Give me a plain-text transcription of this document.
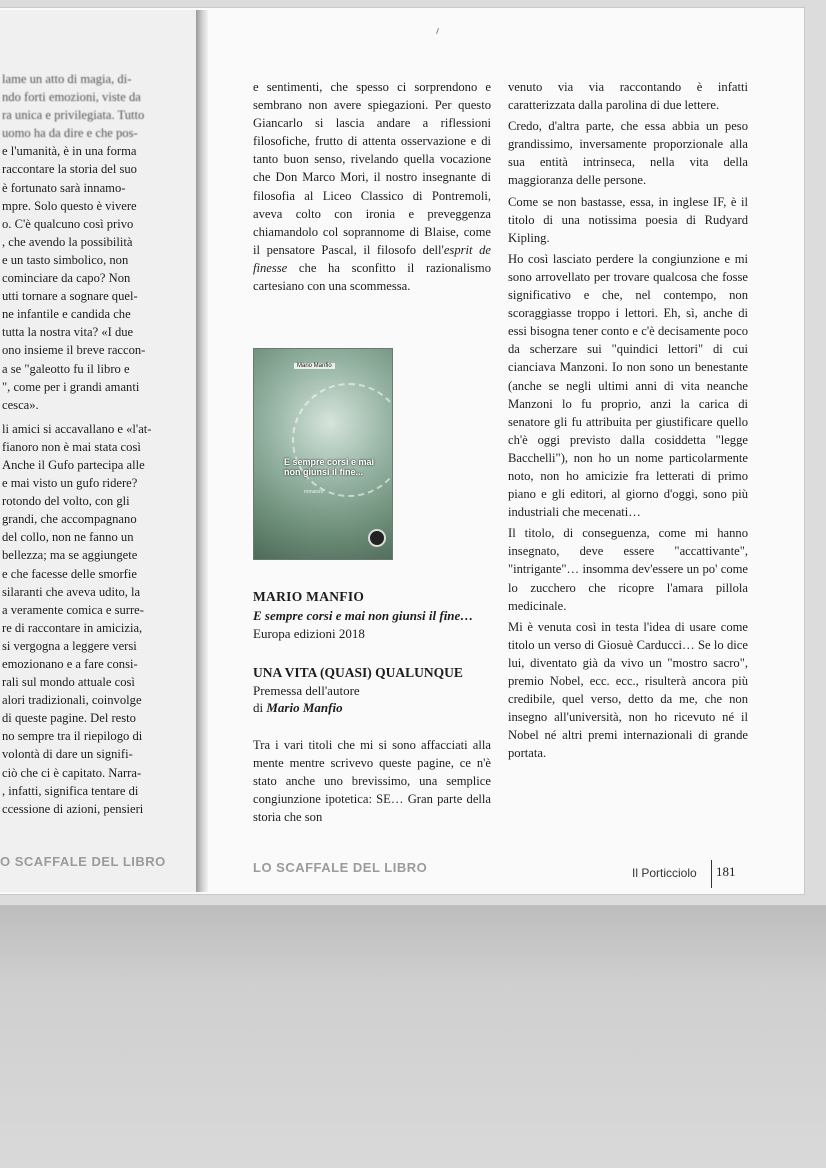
lame un atto di magia, di-
ndo forti emozioni, viste da
ra unica e privilegiata. Tutto
uomo ha da dire e che pos-
e l'umanità, è in una forma
raccontare la storia del suo
è fortunato sarà innamo-
mpre. Solo questo è vivere
o. C'è qualcuno così privo
, che avendo la possibilità
e un tasto simbolico, non
cominciare da capo? Non
utti tornare a sognare quel-
ne infantile e candida che
tutta la nostra vita? «I due
ono insieme il breve raccon-
a se "galeotto fu il libro e
", come per i grandi amanti
cesca».
li amici si accavallano e «l'at-
fianoro non è mai stata così
Anche il Gufo partecipa alle
e mai visto un gufo ridere?
rotondo del volto, con gli
grandi, che accompagnano
del collo, non ne fanno un
bellezza; ma se aggiungete
e che facesse delle smorfie
silaranti che aveva udito, la
a veramente comica e surre-
re di raccontare in amicizia,
si vergogna a leggere versi
emozionano e a fare consi-
rali sul mondo attuale così
alori tradizionali, coinvolge
di queste pagine. Del resto
no sempre tra il riepilogo di
volontà di dare un signifi-
ciò che ci è capitato. Narra-
, infatti, significa tentare di
ccessione di azioni, pensieri

e sentimenti, che spesso ci sorprendono e sembrano non avere spiegazioni. Per questo Giancarlo si lascia andare a riflessioni filosofiche, frutto di attenta osservazione e di tanto buon senso, rivelando quella vocazione che Don Marco Mori, il nostro insegnante di filosofia al Liceo Classico di Pontremoli, aveva colto con ironia e preveggenza chiamandolo col soprannome di Blaise, come il pensatore Pascal, il filosofo dell'esprit de finesse che ha sconfitto il razionalismo cartesiano con una scommessa.

Mario Manfio
E sempre corsi e mai non giunsi il fine...
romanzo
MARIO MANFIO
E sempre corsi e mai non giunsi il fine…
Europa edizioni 2018
UNA VITA (QUASI) QUALUNQUE
Premessa dell'autore
di Mario Manfio

Tra i vari titoli che mi si sono affacciati alla mente mentre scrivevo queste pagine, ce n'è stato anche uno brevissimo, una semplice congiunzione ipotetica: SE… Gran parte della storia che son

venuto via via raccontando è infatti caratterizzata dalla parolina di due lettere.

Credo, d'altra parte, che essa abbia un peso grandissimo, inversamente proporzionale alla sua entità intrinseca, nella vita della maggioranza delle persone.

Come se non bastasse, essa, in inglese IF, è il titolo di una notissima poesia di Rudyard Kipling.

Ho così lasciato perdere la congiunzione e mi sono arrovellato per trovare qualcosa che fosse significativo e che, nel contempo, non scoraggiasse troppo i lettori. Eh, sì, anche di essi bisogna tener conto e c'è decisamente poco da scherzare sui "quindici lettori" di cui cianciava Manzoni. Io non sono un benestante (anche se negli ultimi anni di vita neanche Manzoni lo fu proprio, anzi la carica di senatore gli fu attribuita per giustificare quello ch'è oggi previsto dalla cosiddetta "legge Bacchelli"), non ho un nome particolarmente noto, non ho amicizie fra letterati di primo piano e gli editori, al giorno d'oggi, sono più industriali che mecenati…

Il titolo, di conseguenza, come mi hanno insegnato, deve essere "accattivante", "intrigante"… insomma dev'essere un po' come lo zucchero che ricopre l'amara pillola medicinale.

Mi è venuta così in testa l'idea di usare come titolo un verso di Giosuè Carducci… Se lo dice lui, diventato già da vivo un "mostro sacro", premio Nobel, ecc. ecc., risulterà ancora più credibile, quel verso, detto da me, che non insegno all'università, non ho ricevuto né il Nobel né altri premi internazionali di grande portata.

O SCAFFALE DEL LIBRO	LO SCAFFALE DEL LIBRO	Il Porticciolo 181
